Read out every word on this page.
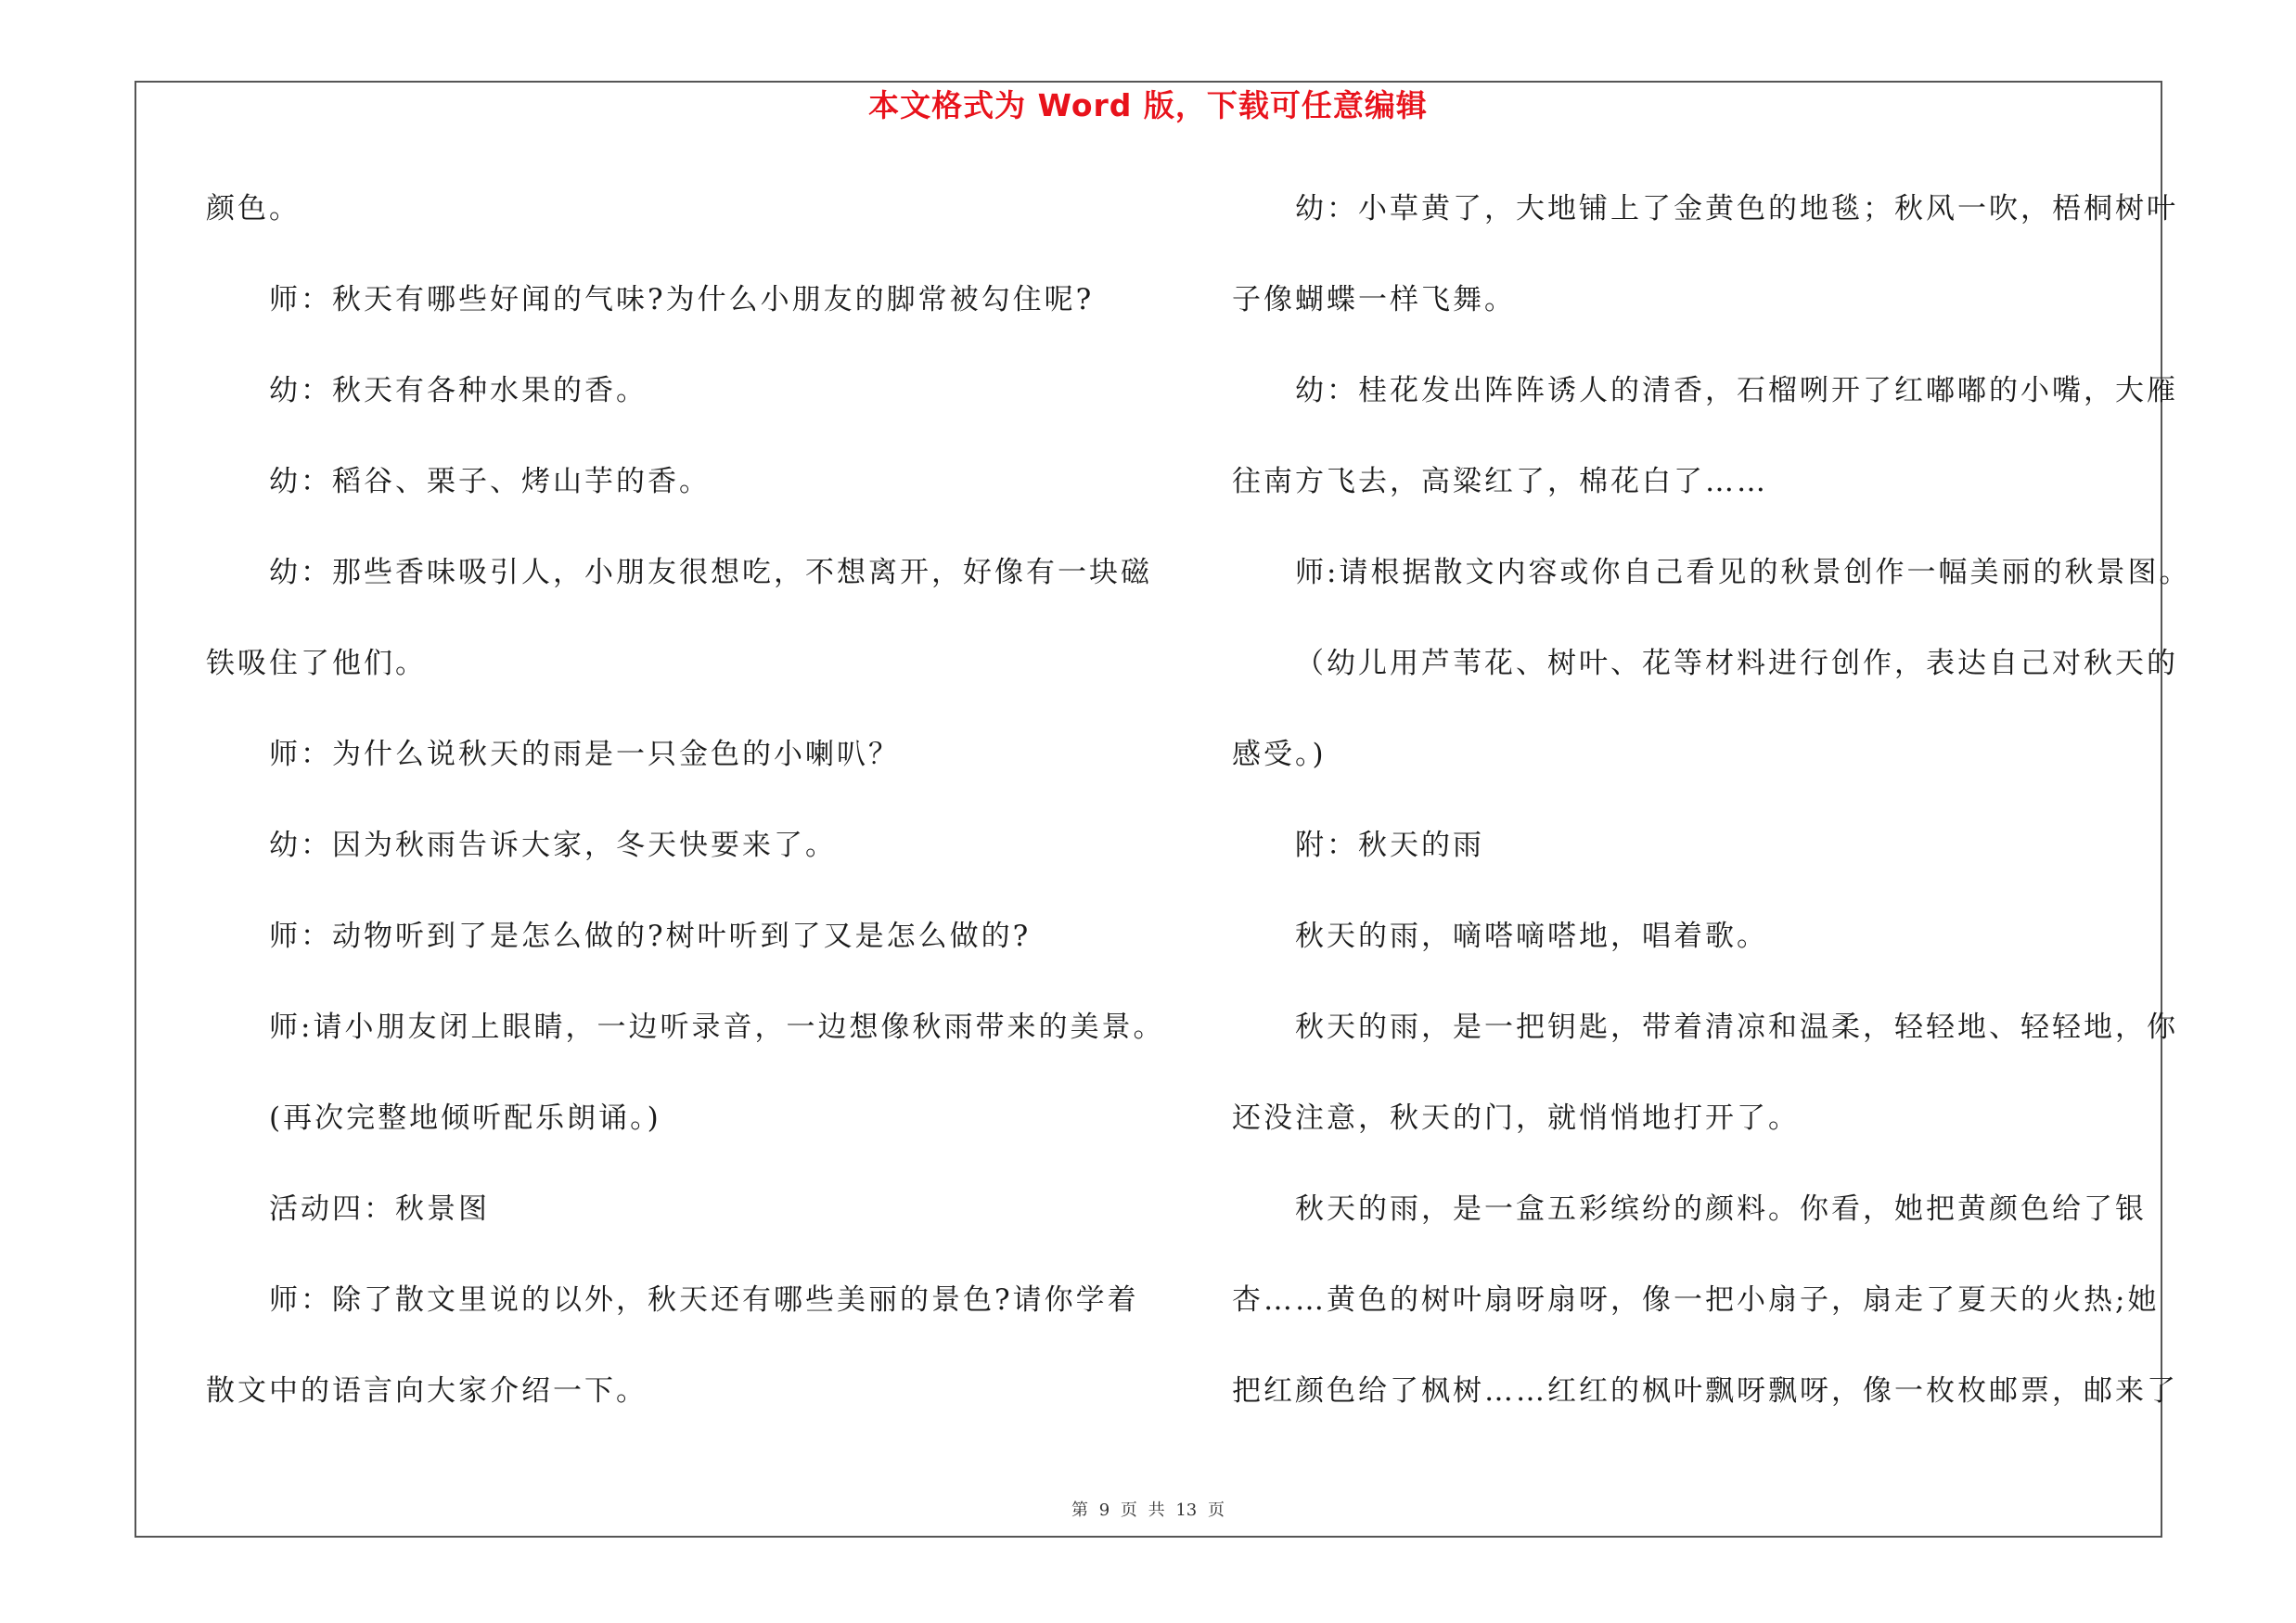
本文格式为 Word 版，下载可任意编辑
颜色。
师：秋天有哪些好闻的气味?为什么小朋友的脚常被勾住呢?
幼：秋天有各种水果的香。
幼：稻谷、栗子、烤山芋的香。
幼：那些香味吸引人，小朋友很想吃，不想离开，好像有一块磁
铁吸住了他们。
师：为什么说秋天的雨是一只金色的小喇叭？
幼：因为秋雨告诉大家，冬天快要来了。
师：动物听到了是怎么做的?树叶听到了又是怎么做的?
师:请小朋友闭上眼睛，一边听录音，一边想像秋雨带来的美景。
(再次完整地倾听配乐朗诵。)
活动四：秋景图
师：除了散文里说的以外，秋天还有哪些美丽的景色?请你学着
散文中的语言向大家介绍一下。
幼：小草黄了，大地铺上了金黄色的地毯；秋风一吹，梧桐树叶
子像蝴蝶一样飞舞。
幼：桂花发出阵阵诱人的清香，石榴咧开了红嘟嘟的小嘴，大雁
往南方飞去，高粱红了，棉花白了……
师:请根据散文内容或你自己看见的秋景创作一幅美丽的秋景图。
（幼儿用芦苇花、树叶、花等材料进行创作，表达自己对秋天的
感受。)
附：秋天的雨
秋天的雨，嘀嗒嘀嗒地，唱着歌。
秋天的雨，是一把钥匙，带着清凉和温柔，轻轻地、轻轻地，你
还没注意，秋天的门，就悄悄地打开了。
秋天的雨，是一盒五彩缤纷的颜料。你看，她把黄颜色给了银
杏……黄色的树叶扇呀扇呀，像一把小扇子，扇走了夏天的火热;她
把红颜色给了枫树……红红的枫叶飘呀飘呀，像一枚枚邮票，邮来了
第 9 页 共 13 页
